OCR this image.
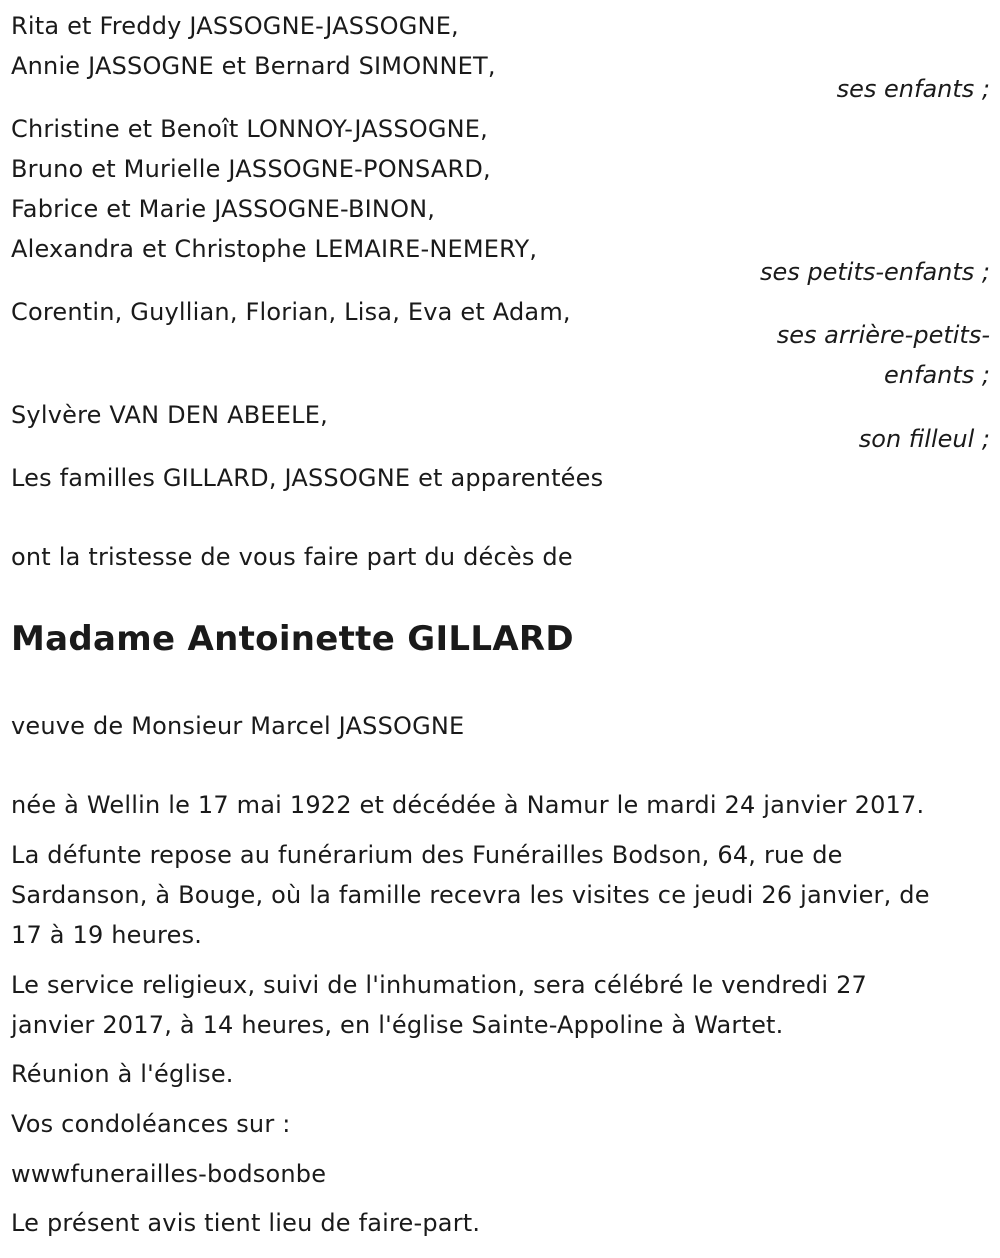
Rita et Freddy JASSOGNE-JASSOGNE,
Annie JASSOGNE et Bernard SIMONNET,
ses enfants ;
Christine et Benoît LONNOY-JASSOGNE,
Bruno et Murielle JASSOGNE-PONSARD,
Fabrice et Marie JASSOGNE-BINON,
Alexandra et Christophe LEMAIRE-NEMERY,
ses petits-enfants ;
Corentin, Guyllian, Florian, Lisa, Eva et Adam,
ses arrière-petits-
enfants ;
Sylvère VAN DEN ABEELE,
son filleul ;
Les familles GILLARD, JASSOGNE et apparentées
ont la tristesse de vous faire part du décès de
Madame Antoinette GILLARD
veuve de Monsieur Marcel JASSOGNE
née à Wellin le 17 mai 1922 et décédée à Namur le mardi 24 janvier 2017.
La défunte repose au funérarium des Funérailles Bodson, 64, rue de
Sardanson, à Bouge, où la famille recevra les visites ce jeudi 26 janvier, de
17 à 19 heures.
Le service religieux, suivi de l'inhumation, sera célébré le vendredi 27
janvier 2017, à 14 heures, en l'église Sainte-Appoline à Wartet.
Réunion à l'église.
Vos condoléances sur :
wwwfunerailles-bodsonbe
Le présent avis tient lieu de faire-part.
